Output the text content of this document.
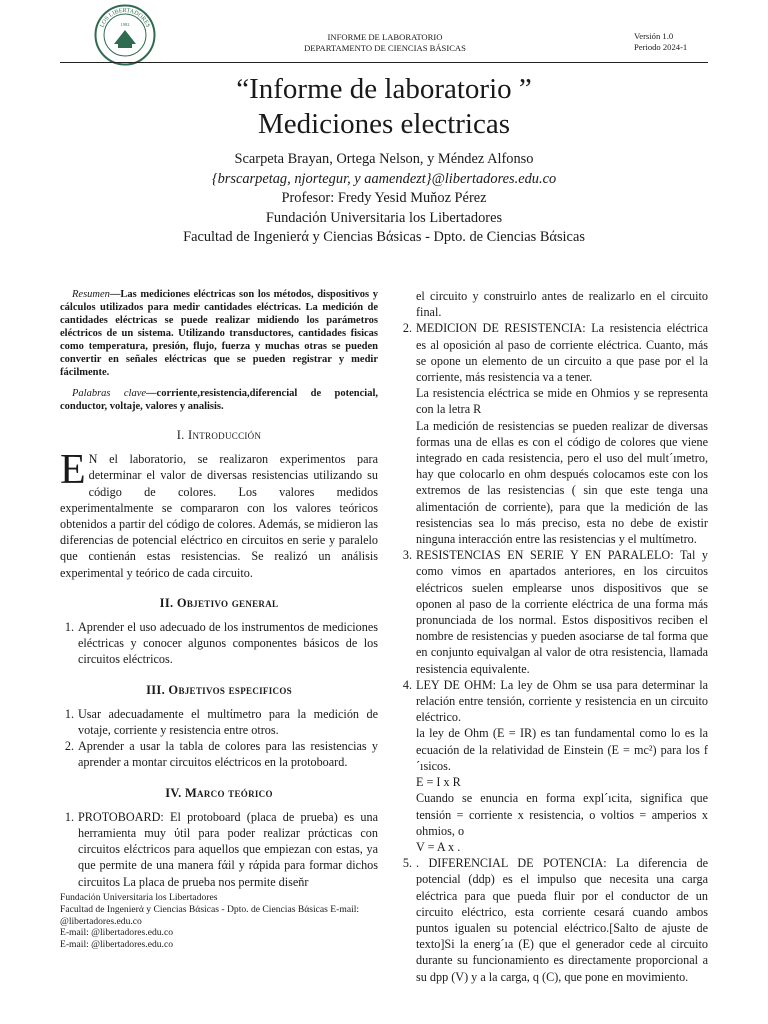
LOS LIBERTADORES
1982
INFORME DE LABORATORIO
DEPARTAMENTO DE CIENCIAS BÁSICAS
Versión 1.0
Periodo 2024-1
“Informe de laboratorio ”
Mediciones electricas
Scarpeta Brayan, Ortega Nelson, y Méndez Alfonso
{brscarpetag, njortegur, y aamendezt}@libertadores.edu.co
Profesor: Fredy Yesid Muňoz Pérez
Fundaciόn Universitaria los Libertadores
Facultad de Ingenierά y Ciencias Bάsicas - Dpto. de Ciencias Bάsicas

Resumen—Las mediciones eléctricas son los métodos, dispositivos y cálculos utilizados para medir cantidades eléctricas. La medición de cantidades eléctricas se puede realizar midiendo los parámetros eléctricos de un sistema. Utilizando transductores, cantidades fisicas como temperatura, presión, flujo, fuerza y muchas otras se pueden convertir en señales eléctricas que se pueden registrar y medir fácilmente.

Palabras clave—corriente,resistencia,diferencial de potencial, conductor, voltaje, valores y analisis.

I. Introducción

E N el laboratorio, se realizaron experimentos para determinar el valor de diversas resistencias utilizando su código de colores. Los valores medidos experimentalmente se compararon con los valores teóricos obtenidos a partir del código de colores. Además, se midieron las diferencias de potencial eléctrico en circuitos en serie y paralelo que contienán estas resistencias. Se realizó un análisis experimental y teórico de cada circuito.

II. Objetivo general
1 . Aprender el uso adecuado de los instrumentos de mediciones eléctricas y conocer algunos componentes básicos de los circuitos eléctricos.
III. Objetivos especificos
1 . Usar adecuadamente el multίmetro para la medición de votaje, corriente y resistencia entre otros.
2 . Aprender a usar la tabla de colores para las resistencias y aprender a montar circuitos eléctricos en la protoboard.
IV. Marco teórico
1 . PROTOBOARD: El protoboard (placa de prueba) es una herramienta muy ύtil para poder realizar prάcticas con circuitos elέctricos para aquellos que empiezan con estas, ya que permite de una manera fάil y rάpida para formar dichos circuitos La placa de prueba nos permite diseňr
Fundaciόn Universitaria los Libertadores
Facultad de Ingenierά y Ciencias Bάsicas - Dpto. de Ciencias Bάsicas E-mail: @libertadores.edu.co
E-mail: @libertadores.edu.co
E-mail: @libertadores.edu.co

el circuito y construirlo antes de realizarlo en el circuito final.

2 . MEDICION DE RESISTENCIA: La resistencia eléctrica es al oposición al paso de corriente eléctrica. Cuanto, más se opone un elemento de un circuito a que pase por el la corriente, más resistencia va a tener.
La resistencia eléctrica se mide en Ohmios y se representa con la letra R
La medición de resistencias se pueden realizar de diversas formas una de ellas es con el código de colores que viene integrado en cada resistencia, pero el uso del mult´ımetro, hay que colocarlo en ohm después colocamos este con los extremos de las resistencias ( sin que este tenga una alimentación de corriente), para que la medición de las resistencias sea lo más preciso, esta no debe de existir ninguna interacción entre las resistencias y el multίmetro.
3 . RESISTENCIAS EN SERIE Y EN PARALELO: Tal y como vimos en apartados anteriores, en los circuitos eléctricos suelen emplearse unos dispositivos que se oponen al paso de la corriente eléctrica de una forma más pronunciada de los normal. Estos dispositivos reciben el nombre de resistencias y pueden asociarse de tal forma que en conjunto equivalgan al valor de otra resistencia, llamada resistencia equivalente.
4 . LEY DE OHM: La ley de Ohm se usa para determinar la relación entre tensión, corriente y resistencia en un circuito eléctrico.
la ley de Ohm (E = IR) es tan fundamental como lo es la ecuación de la relatividad de Einstein (E = mc²) para los f´ısicos.
E = I x R
Cuando se enuncia en forma expl´ıcita, significa que tensión = corriente x resistencia, o voltios = amperios x ohmios, o
V = A x .
5 . . DIFERENCIAL DE POTENCIA: La diferencia de potencial (ddp) es el impulso que necesita una carga eléctrica para que pueda fluir por el conductor de un circuito eléctrico, esta corriente cesará cuando ambos puntos igualen su potencial eléctrico.[Salto de ajuste de texto]Si la energ´ıa (E) que el generador cede al circuito durante su funcionamiento es directamente proporcional a su dpp (V) y a la carga, q (C), que pone en movimiento.
